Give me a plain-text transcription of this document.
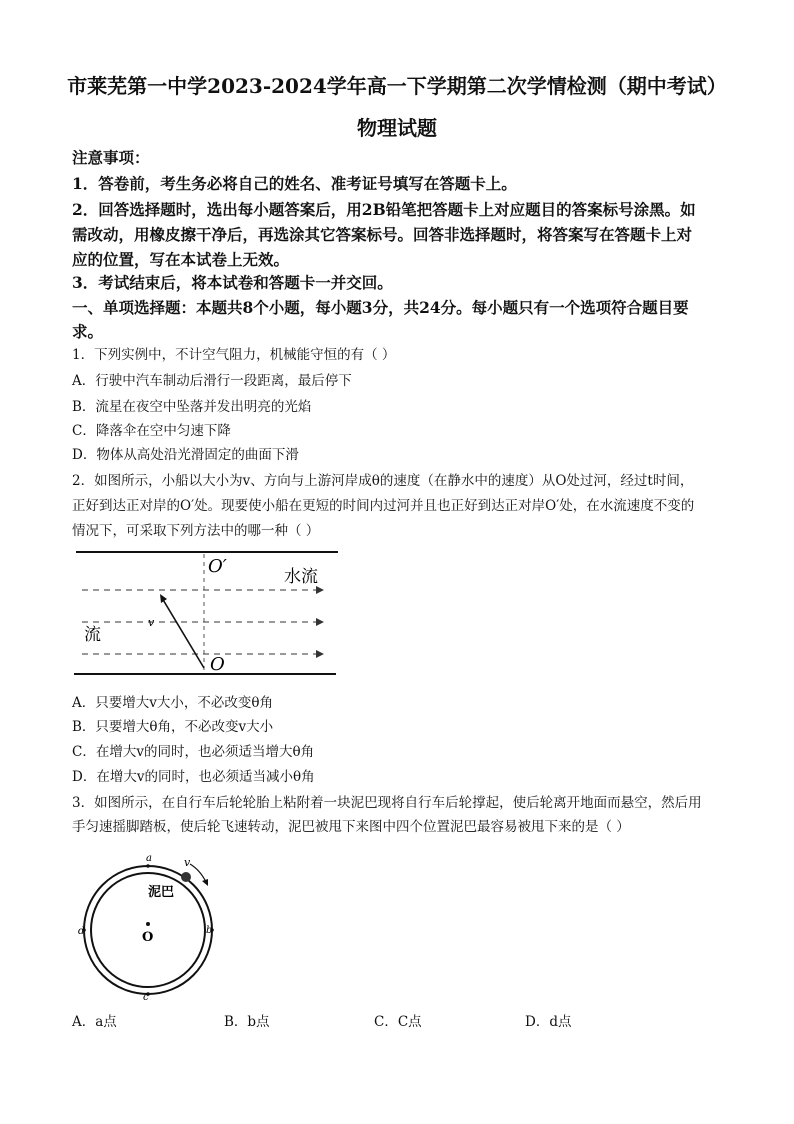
市莱芜第一中学2023-2024学年高一下学期第二次学情检测（期中考试）
物理试题
注意事项：
1．答卷前，考生务必将自己的姓名、准考证号填写在答题卡上。
2．回答选择题时，选出每小题答案后，用2B铅笔把答题卡上对应题目的答案标号涂黑。如
需改动，用橡皮擦干净后，再选涂其它答案标号。回答非选择题时，将答案写在答题卡上对
应的位置，写在本试卷上无效。
3．考试结束后，将本试卷和答题卡一并交回。
一、单项选择题：本题共8个小题，每小题3分，共24分。每小题只有一个选项符合题目要
求。
1．下列实例中，不计空气阻力，机械能守恒的有（ ）
A．行驶中汽车制动后滑行一段距离，最后停下
B．流星在夜空中坠落并发出明亮的光焰
C．降落伞在空中匀速下降
D．物体从高处沿光滑固定的曲面下滑
2．如图所示，小船以大小为v、方向与上游河岸成θ的速度（在静水中的速度）从O处过河，经过t时间，
正好到达正对岸的O′处。现要使小船在更短的时间内过河并且也正好到达正对岸O′处，在水流速度不变的
情况下，可采取下列方法中的哪一种（ ）
O′
O
水流
流
v
A．只要增大v大小，不必改变θ角
B．只要增大θ角，不必改变v大小
C．在增大v的同时，也必须适当增大θ角
D．在增大v的同时，也必须适当减小θ角
3．如图所示，在自行车后轮轮胎上粘附着一块泥巴现将自行车后轮撑起，使后轮离开地面而悬空，然后用
手匀速摇脚踏板，使后轮飞速转动，泥巴被甩下来图中四个位置泥巴最容易被甩下来的是（ ）
a
b
c
d
v
泥巴
O
A．a点	B．b点	C．C点	D．d点
